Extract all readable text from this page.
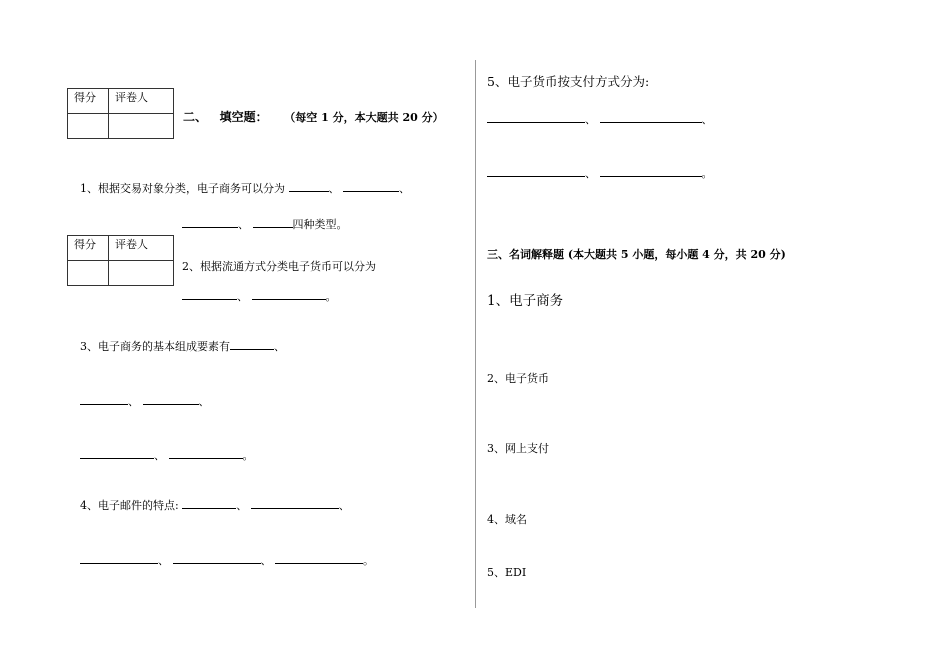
得分	评卷人

二、 填空题： （每空 1 分，本大题共 20 分）
1、根据交易对象分类，电子商务可以分为	、	、
、	四种类型。
得分	评卷人

2、根据流通方式分类电子货币可以分为
、	。
3、电子商务的基本组成要素有	、
、	、
、	。
4、电子邮件的特点:	、	、
、	、	。
5、电子货币按支付方式分为:
、	、
、	。
三、名词解释题 (本大题共 5 小题，每小题 4 分，共 20 分)
1、电子商务
2、电子货币
3、网上支付
4、域名
5、EDI
